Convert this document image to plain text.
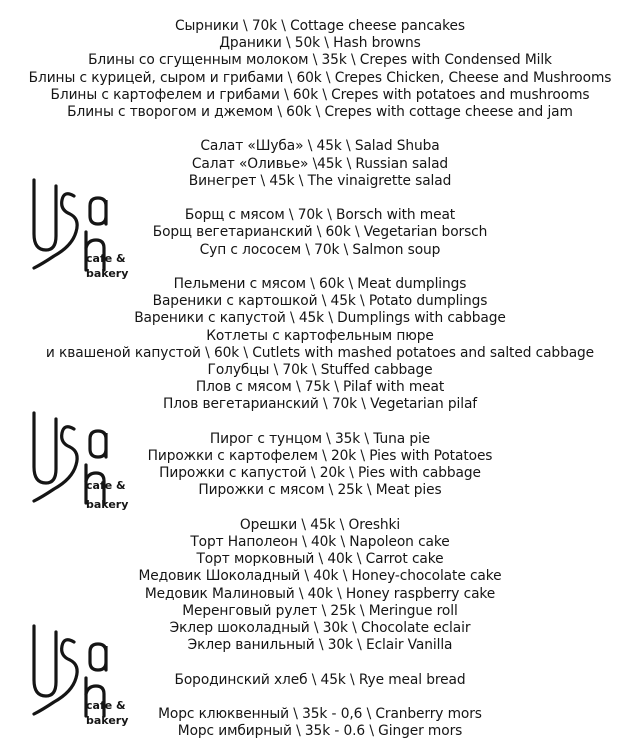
Сырники \ 70k \ Cottage cheese pancakes
Драники \ 50k \ Hash browns
Блины со сгущенным молоком \ 35k \ Crepes with Condensed Milk
Блины с курицей, сыром и грибами \ 60k \ Crepes Chicken, Cheese and Mushrooms
Блины с картофелем и грибами \ 60k \ Crepes with potatoes and mushrooms
Блины с творогом и джемом \ 60k \ Crepes with cottage cheese and jam
Салат «Шуба» \ 45k \ Salad Shuba
Салат «Оливье» \45k \ Russian salad
Винегрет \ 45k \ The vinaigrette salad
Борщ с мясом \ 70k \ Borsch with meat
Борщ вегетарианский \ 60k \ Vegetarian borsch
Суп с лососем \ 70k \ Salmon soup
Пельмени с мясом \ 60k \ Meat dumplings
Вареники с картошкой \ 45k \ Potato dumplings
Вареники с капустой \ 45k \ Dumplings with cabbage
Котлеты с картофельным пюре
и квашеной капустой \ 60k \ Cutlets with mashed potatoes and salted cabbage
Голубцы \ 70k \ Stuffed cabbage
Плов с мясом \ 75k \ Pilaf with meat
Плов вегетарианский \ 70k \ Vegetarian pilaf
Пирог с тунцом \ 35k \ Tuna pie
Пирожки с картофелем \ 20k \ Pies with Potatoes
Пирожки с капустой \ 20k \ Pies with cabbage
Пирожки с мясом \ 25k \ Meat pies
Орешки \ 45k \ Oreshki
Торт Наполеон \ 40k \ Napoleon cake
Торт морковный \ 40k \ Carrot cake
Медовик Шоколадный \ 40k \ Honey-chocolate cake
Медовик Малиновый \ 40k \ Honey raspberry cake
Меренговый рулет \ 25k \ Meringue roll
Эклер шоколадный \ 30k \ Chocolate eclair
Эклер ванильный \ 30k \ Eclair Vanilla
Бородинский хлеб \ 45k \ Rye meal bread
Морс клюквенный \ 35k - 0,6 \ Cranberry mors
Морс имбирный \ 35k - 0.6 \ Ginger mors
cafe &
bakery
cafe &
bakery
cafe &
bakery
